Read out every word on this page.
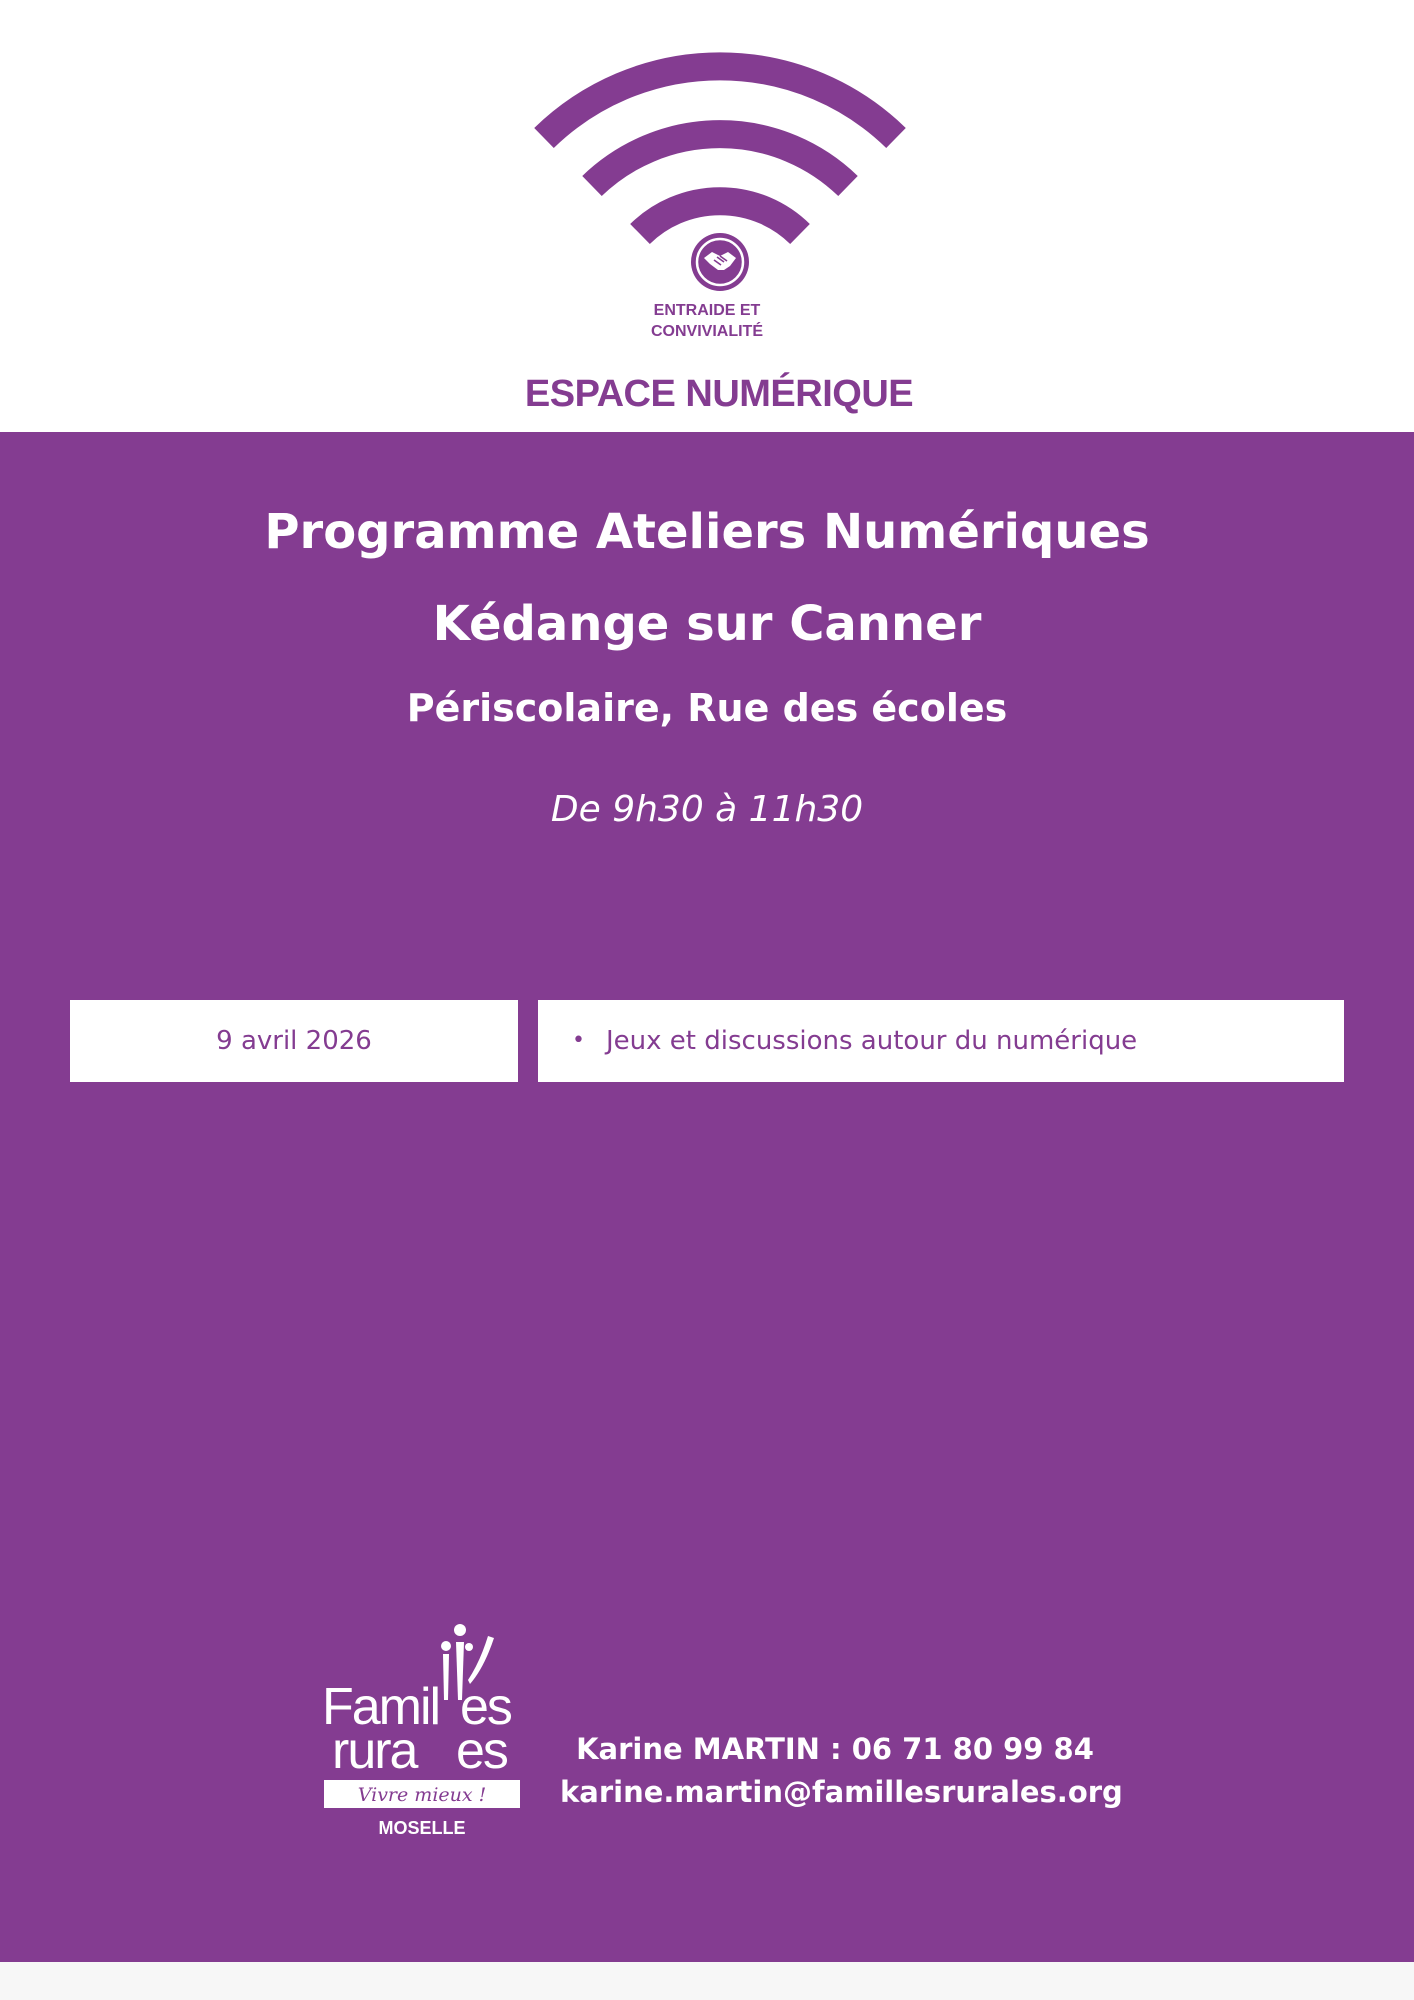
ENTRAIDE ET
CONVIVIALITÉ
ESPACE NUMÉRIQUE
Programme Ateliers Numériques
Kédange sur Canner
Périscolaire, Rue des écoles
De 9h30 à 11h30
9 avril 2026	• Jeux et discussions autour du numérique
Famil es
rura es
Vivre mieux !
MOSELLE
Karine MARTIN : 06 71 80 99 84
karine.martin@famillesrurales.org
